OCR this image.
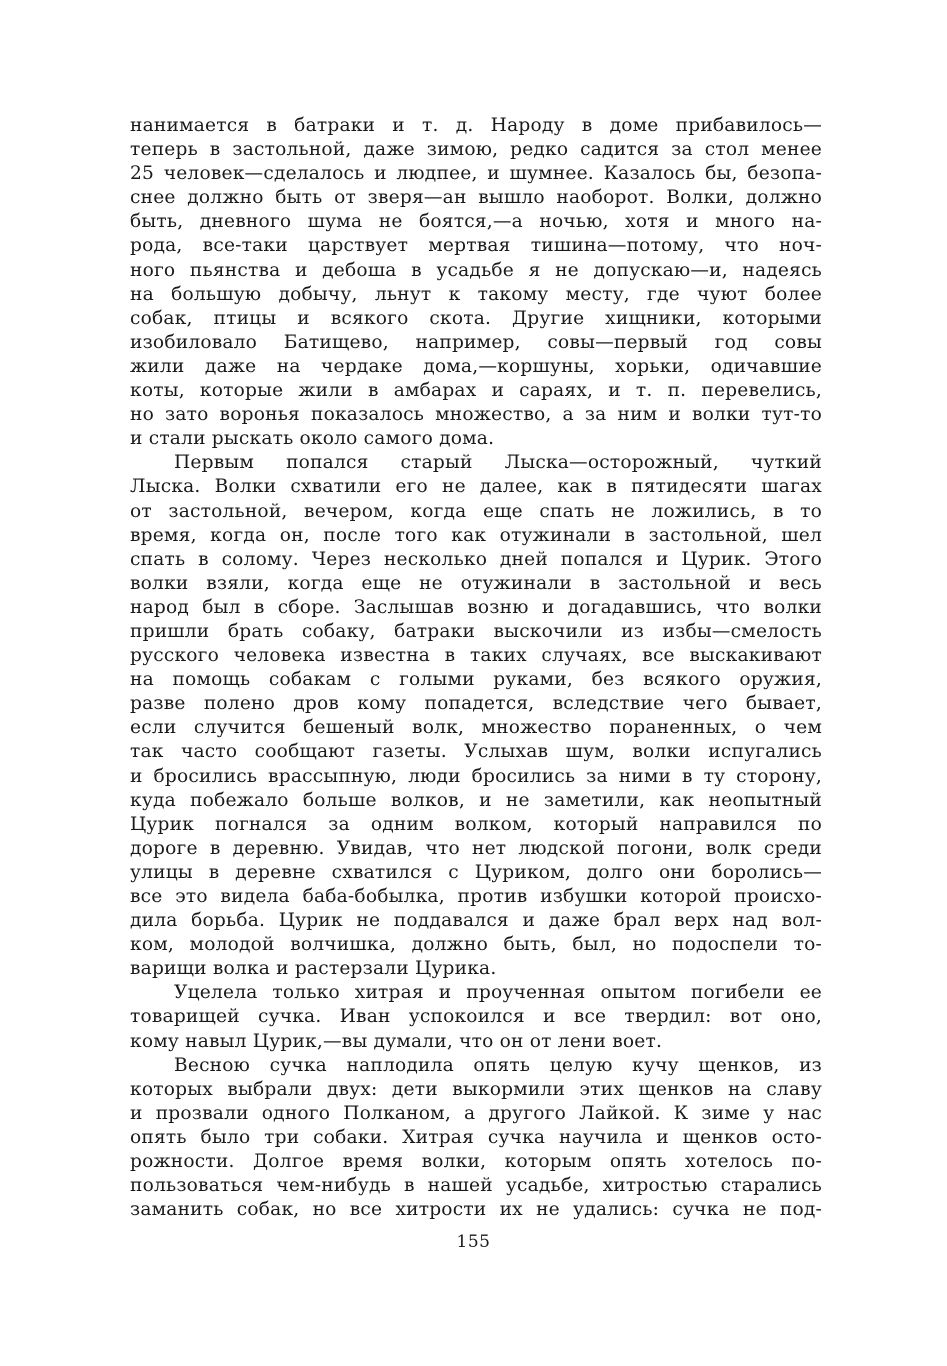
нанимается в батраки и т. д. Народу в доме прибавилось—
теперь в застольной, даже зимою, редко садится за стол менее
25 человек—сделалось и людпее, и шумнее. Казалось бы, безопа-
снее должно быть от зверя—ан вышло наоборот. Волки, должно
быть, дневного шума не боятся,—а ночью, хотя и много на-
рода, все-таки царствует мертвая тишина—потому, что ноч-
ного пьянства и дебоша в усадьбе я не допускаю—и, надеясь
на большую добычу, льнут к такому месту, где чуют более
собак, птицы и всякого скота. Другие хищники, которыми
изобиловало Батищево, например, совы—первый год совы
жили даже на чердаке дома,—коршуны, хорьки, одичавшие
коты, которые жили в амбарах и сараях, и т. п. перевелись,
но зато воронья показалось множество, а за ним и волки тут-то
и стали рыскать около самого дома.
Первым попался старый Лыска—осторожный, чуткий
Лыска. Волки схватили его не далее, как в пятидесяти шагах
от застольной, вечером, когда еще спать не ложились, в то
время, когда он, после того как отужинали в застольной, шел
спать в солому. Через несколько дней попался и Цурик. Этого
волки взяли, когда еще не отужинали в застольной и весь
народ был в сборе. Заслышав возню и догадавшись, что волки
пришли брать собаку, батраки выскочили из избы—смелость
русского человека известна в таких случаях, все выскакивают
на помощь собакам с голыми руками, без всякого оружия,
разве полено дров кому попадется, вследствие чего бывает,
если случится бешеный волк, множество пораненных, о чем
так часто сообщают газеты. Услыхав шум, волки испугались
и бросились врассыпную, люди бросились за ними в ту сторону,
куда побежало больше волков, и не заметили, как неопытный
Цурик погнался за одним волком, который направился по
дороге в деревню. Увидав, что нет людской погони, волк среди
улицы в деревне схватился с Цуриком, долго они боролись—
все это видела баба-бобылка, против избушки которой происхо-
дила борьба. Цурик не поддавался и даже брал верх над вол-
ком, молодой волчишка, должно быть, был, но подоспели то-
варищи волка и растерзали Цурика.
Уцелела только хитрая и проученная опытом погибели ее
товарищей сучка. Иван успокоился и все твердил: вот оно,
кому навыл Цурик,—вы думали, что он от лени воет.
Весною сучка наплодила опять целую кучу щенков, из
которых выбрали двух: дети выкормили этих щенков на славу
и прозвали одного Полканом, а другого Лайкой. К зиме у нас
опять было три собаки. Хитрая сучка научила и щенков осто-
рожности. Долгое время волки, которым опять хотелось по-
пользоваться чем-нибудь в нашей усадьбе, хитростью старались
заманить собак, но все хитрости их не удались: сучка не под-
155
